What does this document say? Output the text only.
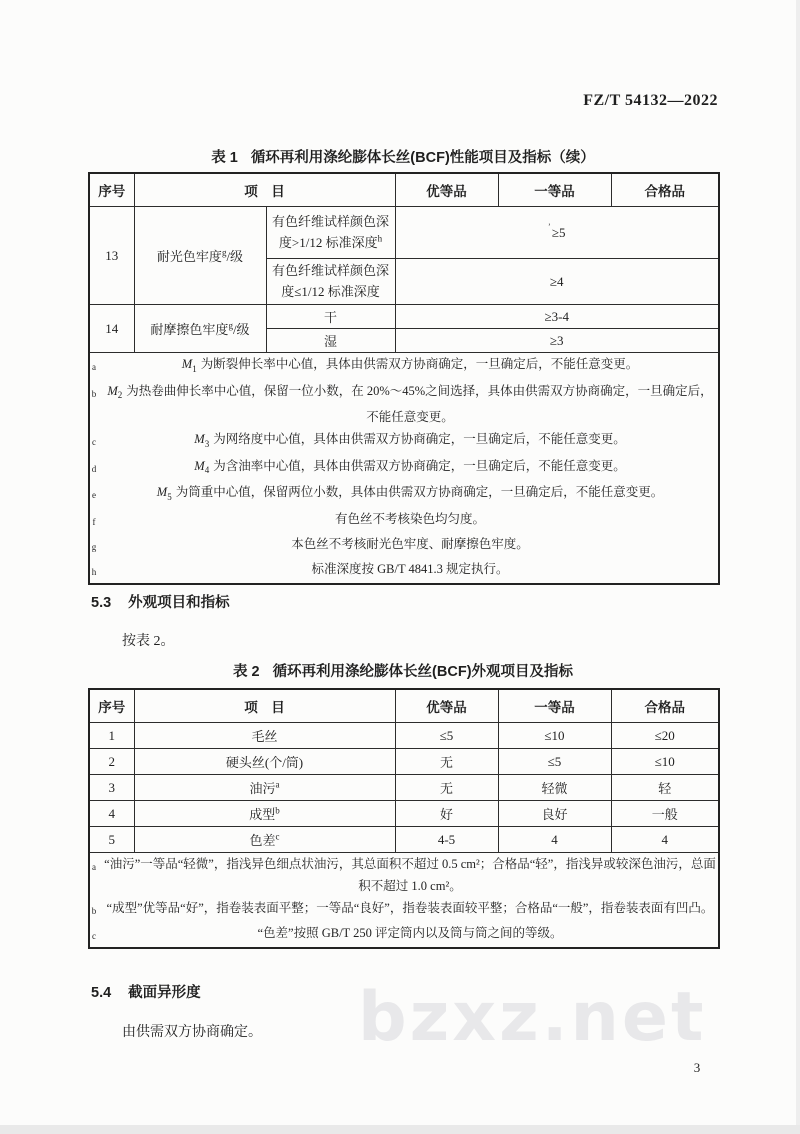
bzxz.net
FZ/T 54132—2022
表 1 循环再利用涤纶膨体长丝(BCF)性能项目及指标（续）
序号	项　目		优等品	一等品	合格品
13	耐光色牢度$^g$/级	有色纤维试样颜色深度>1/12 标准深度$^h$	’≥5		
		有色纤维试样颜色深度≤1/12 标准深度	≥4		
14	耐摩擦色牢度$^g$/级	干	≥3-4		
		湿	≥3		

a	$M_1$ 为断裂伸长率中心值，具体由供需双方协商确定，一旦确定后，不能任意变更。
b $M_2$ 为热卷曲伸长率中心值，保留一位小数，在 20%～45%之间选择，具体由供需双方协商确定，一旦确定后，不能任意变更。
c	$M_3$ 为网络度中心值，具体由供需双方协商确定，一旦确定后，不能任意变更。
d	$M_4$ 为含油率中心值，具体由供需双方协商确定，一旦确定后，不能任意变更。
e	$M_5$ 为筒重中心值，保留两位小数，具体由供需双方协商确定，一旦确定后，不能任意变更。
f	有色丝不考核染色均匀度。
g	本色丝不考核耐光色牢度、耐摩擦色牢度。
h	标准深度按 GB/T 4841.3 规定执行。
5.3 外观项目和指标
按表 2。
表 2 循环再利用涤纶膨体长丝(BCF)外观项目及指标
序号	项　目	优等品	一等品	合格品
1	毛丝	≤5	≤10	≤20
2	硬头丝(个/筒)	无	≤5	≤10
3	油污$^a$	无	轻微	轻
4	成型$^b$	好	良好	一般
5	色差$^c$	4-5	4	4

a “油污”一等品“轻微”，指浅异色细点状油污，其总面积不超过 0.5 cm²；合格品“轻”，指浅异或较深色油污，总面积不超过 1.0 cm²。
b “成型”优等品“好”，指卷装表面平整；一等品“良好”，指卷装表面较平整；合格品“一般”，指卷装表面有凹凸。
c	“色差”按照 GB/T 250 评定筒内以及筒与筒之间的等级。
5.4 截面异形度
由供需双方协商确定。
3
